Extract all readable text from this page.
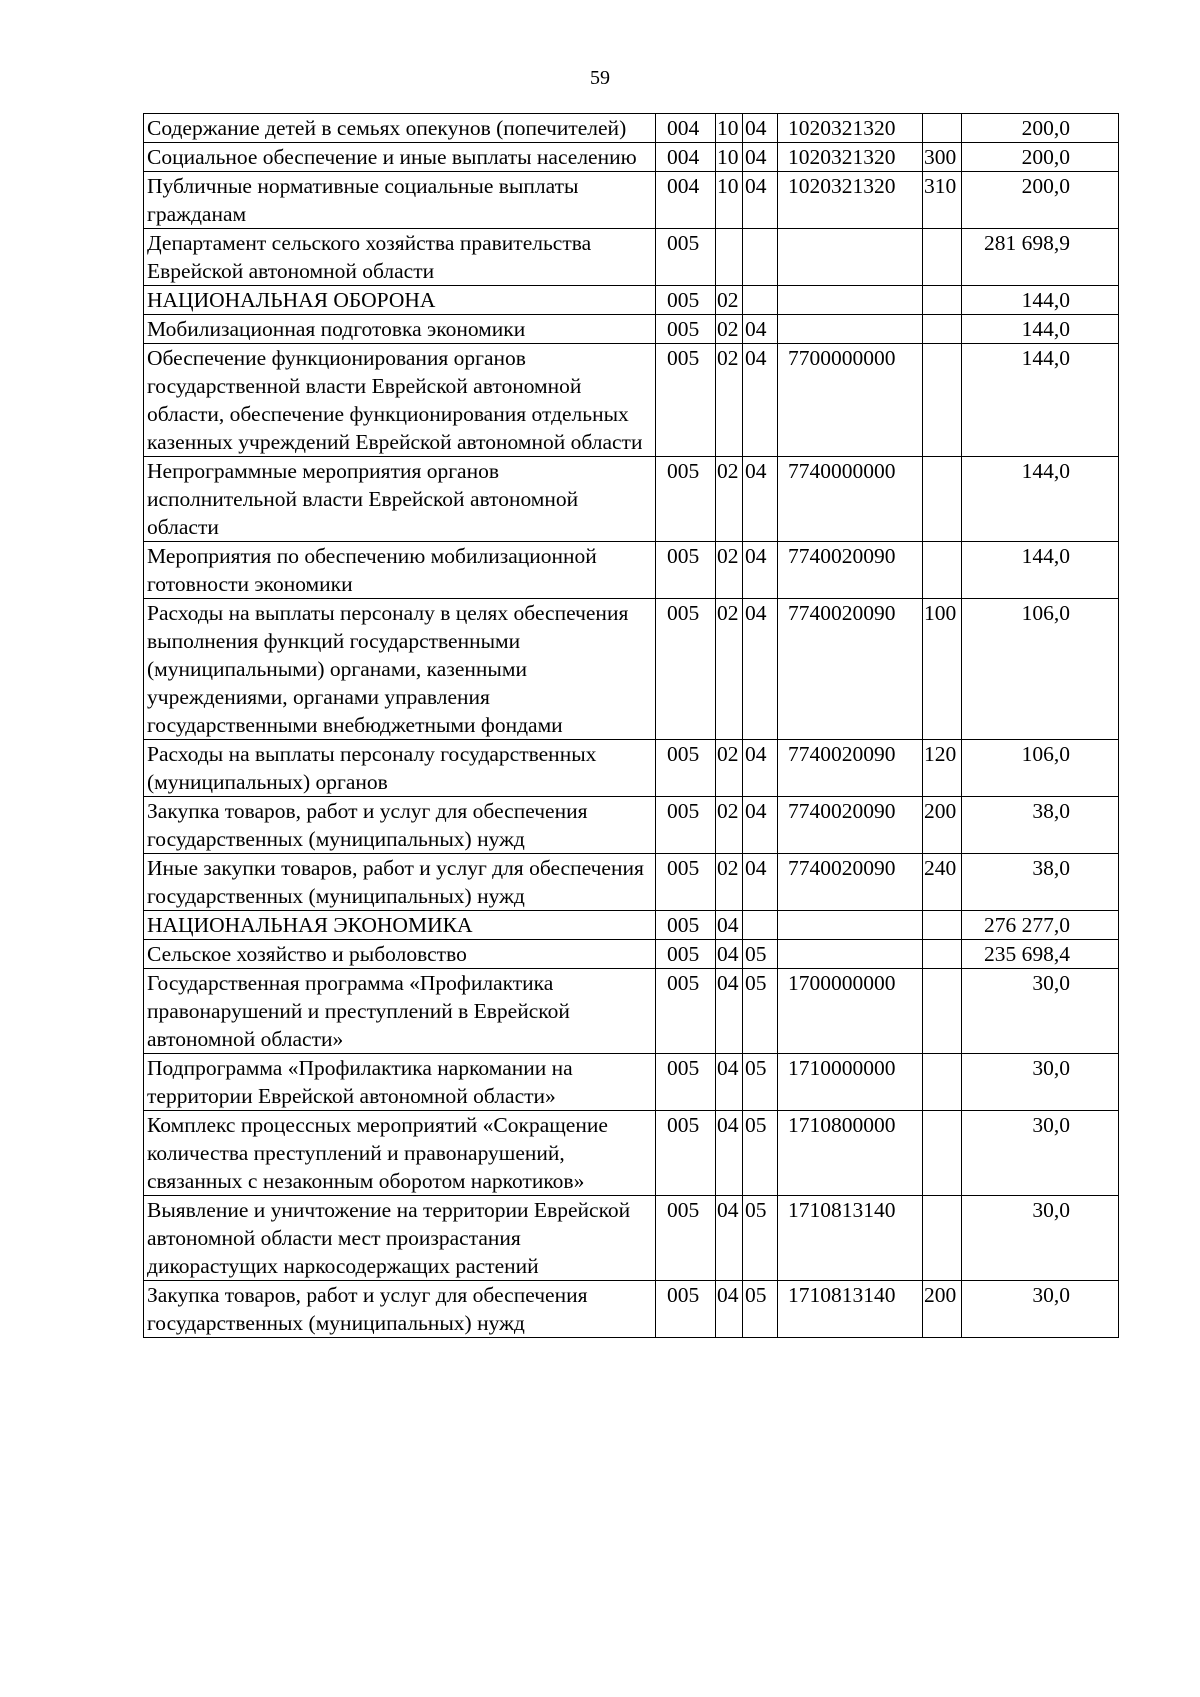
59
Содержание детей в семьях опекунов (попечителей)	004	10	04	1020321320		200,0
Социальное обеспечение и иные выплаты населению	004	10	04	1020321320	300	200,0
Публичные нормативные социальные выплаты гражданам	004	10	04	1020321320	310	200,0
Департамент сельского хозяйства правительства Еврейской автономной области	005					281 698,9
НАЦИОНАЛЬНАЯ ОБОРОНА	005	02				144,0
Мобилизационная подготовка экономики	005	02	04			144,0
Обеспечение функционирования органов государственной власти Еврейской автономной области, обеспечение функционирования отдельных казенных учреждений Еврейской автономной области	005	02	04	7700000000		144,0
Непрограммные мероприятия органов исполнительной власти Еврейской автономной области	005	02	04	7740000000		144,0
Мероприятия по обеспечению мобилизационной готовности экономики	005	02	04	7740020090		144,0
Расходы на выплаты персоналу в целях обеспечения выполнения функций государственными (муниципальными) органами, казенными учреждениями, органами управления государственными внебюджетными фондами	005	02	04	7740020090	100	106,0
Расходы на выплаты персоналу государственных (муниципальных) органов	005	02	04	7740020090	120	106,0
Закупка товаров, работ и услуг для обеспечения государственных (муниципальных) нужд	005	02	04	7740020090	200	38,0
Иные закупки товаров, работ и услуг для обеспечения государственных (муниципальных) нужд	005	02	04	7740020090	240	38,0
НАЦИОНАЛЬНАЯ ЭКОНОМИКА	005	04				276 277,0
Сельское хозяйство и рыболовство	005	04	05			235 698,4
Государственная программа «Профилактика правонарушений и преступлений в Еврейской автономной области»	005	04	05	1700000000		30,0
Подпрограмма «Профилактика наркомании на территории Еврейской автономной области»	005	04	05	1710000000		30,0
Комплекс процессных мероприятий «Сокращение количества преступлений и правонарушений, связанных с незаконным оборотом наркотиков»	005	04	05	1710800000		30,0
Выявление и уничтожение на территории Еврейской автономной области мест произрастания дикорастущих наркосодержащих растений	005	04	05	1710813140		30,0
Закупка товаров, работ и услуг для обеспечения государственных (муниципальных) нужд	005	04	05	1710813140	200	30,0
